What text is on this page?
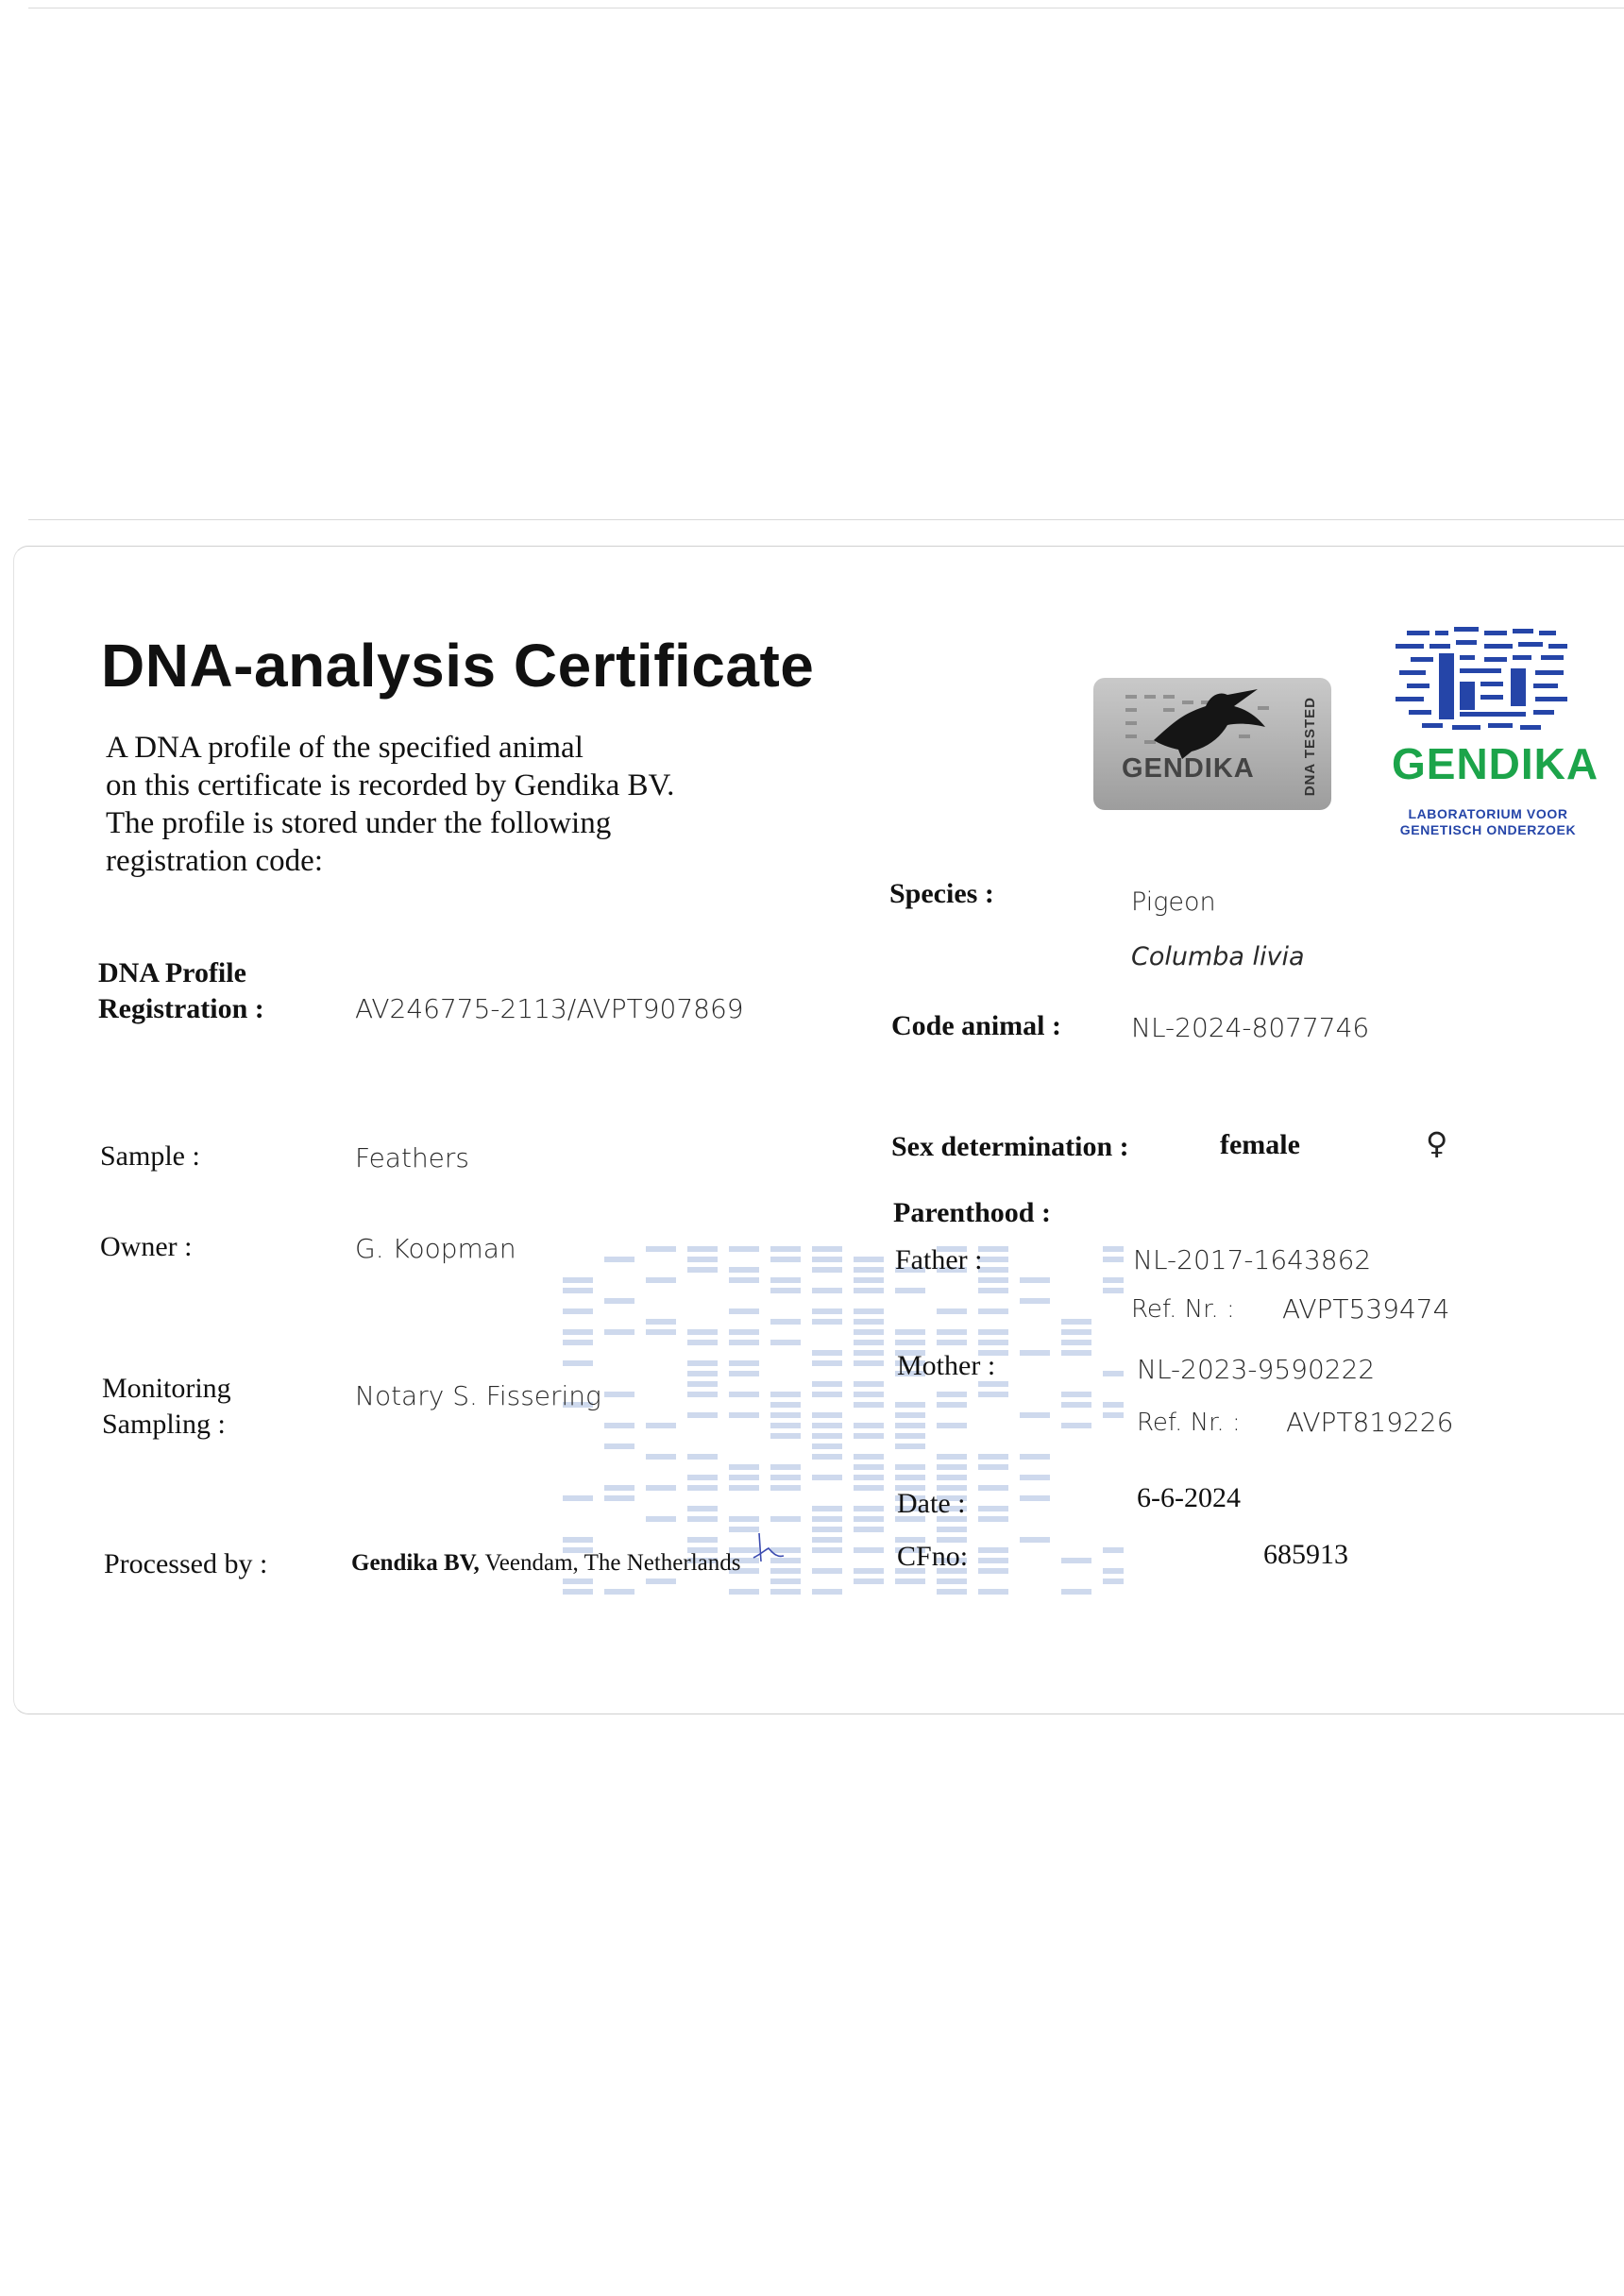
DNA-analysis Certificate
A DNA profile of the specified animal
on this certificate is recorded by Gendika BV.
The profile is stored under the following
registration code:
GENDIKA	DNA TESTED GENDIKA
LABORATORIUM VOOR
GENETISCH ONDERZOEK
DNA Profile
Registration :	AV246775-2113/AVPT907869
Sample :	Feathers
Owner :	G. Koopman
Monitoring
Sampling :
Notary S. Fissering
Processed by :	Gendika BV, Veendam, The Netherlands
Species :	Pigeon
Columba livia
Code animal :	NL-2024-8077746
Sex determination :	female	♀
Parenthood :
Father :	NL-2017-1643862
Ref. Nr. : AVPT539474
Mother :	NL-2023-9590222
Ref. Nr. : AVPT819226
Date :	6-6-2024
CFno:	685913
